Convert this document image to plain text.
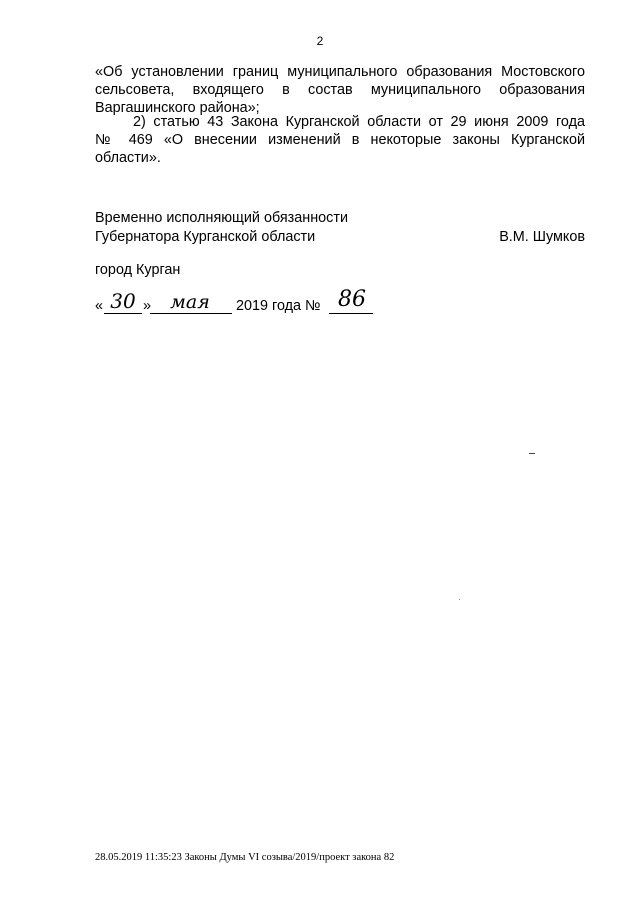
2
«Об установлении границ муниципального образования Мостовского
сельсовета, входящего в состав муниципального образования
Варгашинского района»;
2) статью 43 Закона Курганской области от 29 июня 2009 года
№ 469 «О внесении изменений в некоторые законы Курганской
области».
Временно исполняющий обязанности
Губернатора Курганской области	В.М. Шумков
город Курган
« 30 »	мая	2019 года № 86
28.05.2019 11:35:23 Законы Думы VI созыва/2019/проект закона 82
